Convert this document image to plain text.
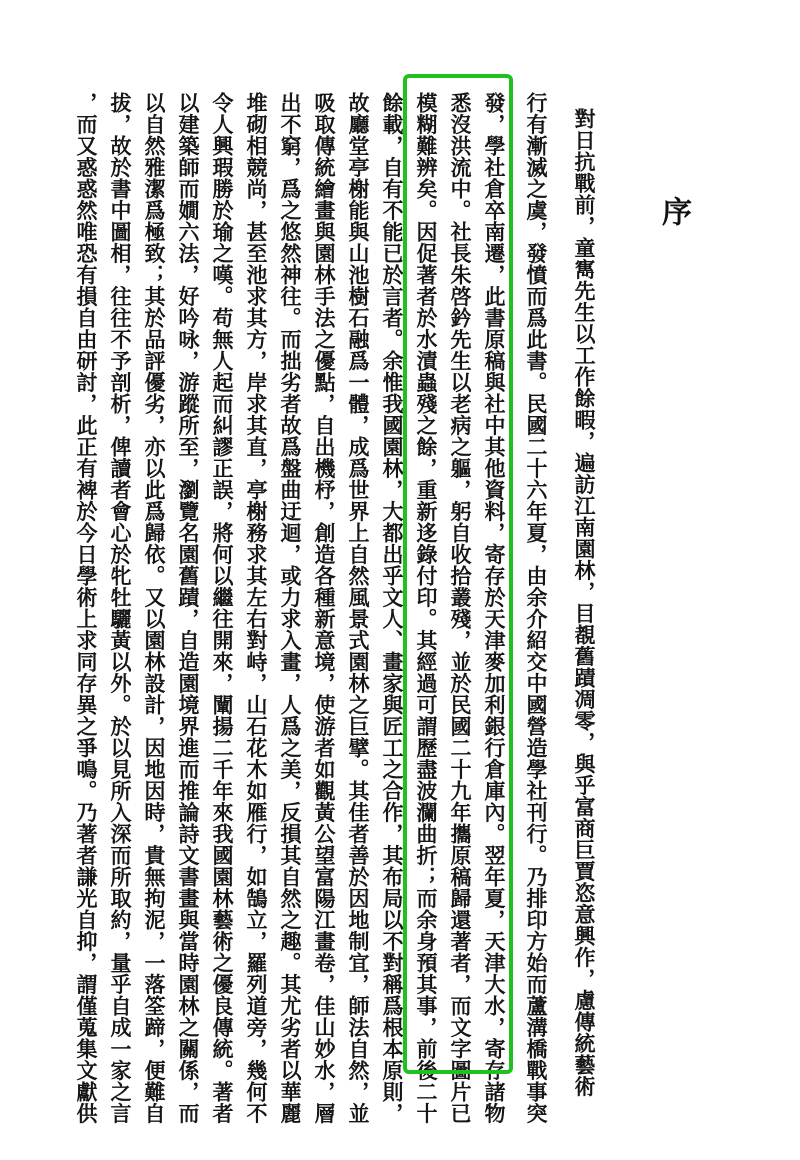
序
對日抗戰前，童寯先生以工作餘暇，遍訪江南園林，目覩舊蹟凋零，與乎富商巨賈恣意興作，慮傳統藝術
行有漸滅之虞，發憤而爲此書。民國二十六年夏，由余介紹交中國營造學社刊行。乃排印方始而蘆溝橋戰事突
發，學社倉卒南遷，此書原稿與社中其他資料，寄存於天津麥加利銀行倉庫內。翌年夏，天津大水，寄存諸物
悉沒洪流中。社長朱啓鈐先生以老病之軀，躬自收拾叢殘，並於民國二十九年攜原稿歸還著者，而文字圖片已
模糊難辨矣。因促著者於水漬蟲殘之餘，重新迻錄付印。其經過可謂歷盡波瀾曲折；而余身預其事，前後二十
餘載，自有不能已於言者。余惟我國園林，大都出乎文人、畫家與匠工之合作，其布局以不對稱爲根本原則，
故廳堂亭榭能與山池樹石融爲一體，成爲世界上自然風景式園林之巨擘。其佳者善於因地制宜，師法自然，並
吸取傳統繪畫與園林手法之優點，自出機杼，創造各種新意境，使游者如觀黃公望富陽江畫卷，佳山妙水，層
出不窮，爲之悠然神往。而拙劣者故爲盤曲迂迴，或力求入畫，人爲之美，反損其自然之趣。其尤劣者以華麗
堆砌相競尚，甚至池求其方，岸求其直，亭榭務求其左右對峙，山石花木如雁行，如鵠立，羅列道旁，幾何不
令人興瑕勝於瑜之嘆。苟無人起而糾謬正誤，將何以繼往開來，闡揚二千年來我國園林藝術之優良傳統。著者
以建築師而嫺六法，好吟咏，游蹤所至，瀏覽名園舊蹟，自造園境界進而推論詩文書畫與當時園林之關係，而
以自然雅潔爲極致；其於品評優劣，亦以此爲歸依。又以園林設計，因地因時，貴無拘泥，一落筌蹄，便難自
拔，故於書中圖相，往往不予剖析，俾讀者會心於牝牡驪黃以外。於以見所入深而所取約，量乎自成一家之言
，而又惑惑然唯恐有損自由研討，此正有裨於今日學術上求同存異之爭鳴。乃著者謙光自抑，謂僅蒐集文獻供
